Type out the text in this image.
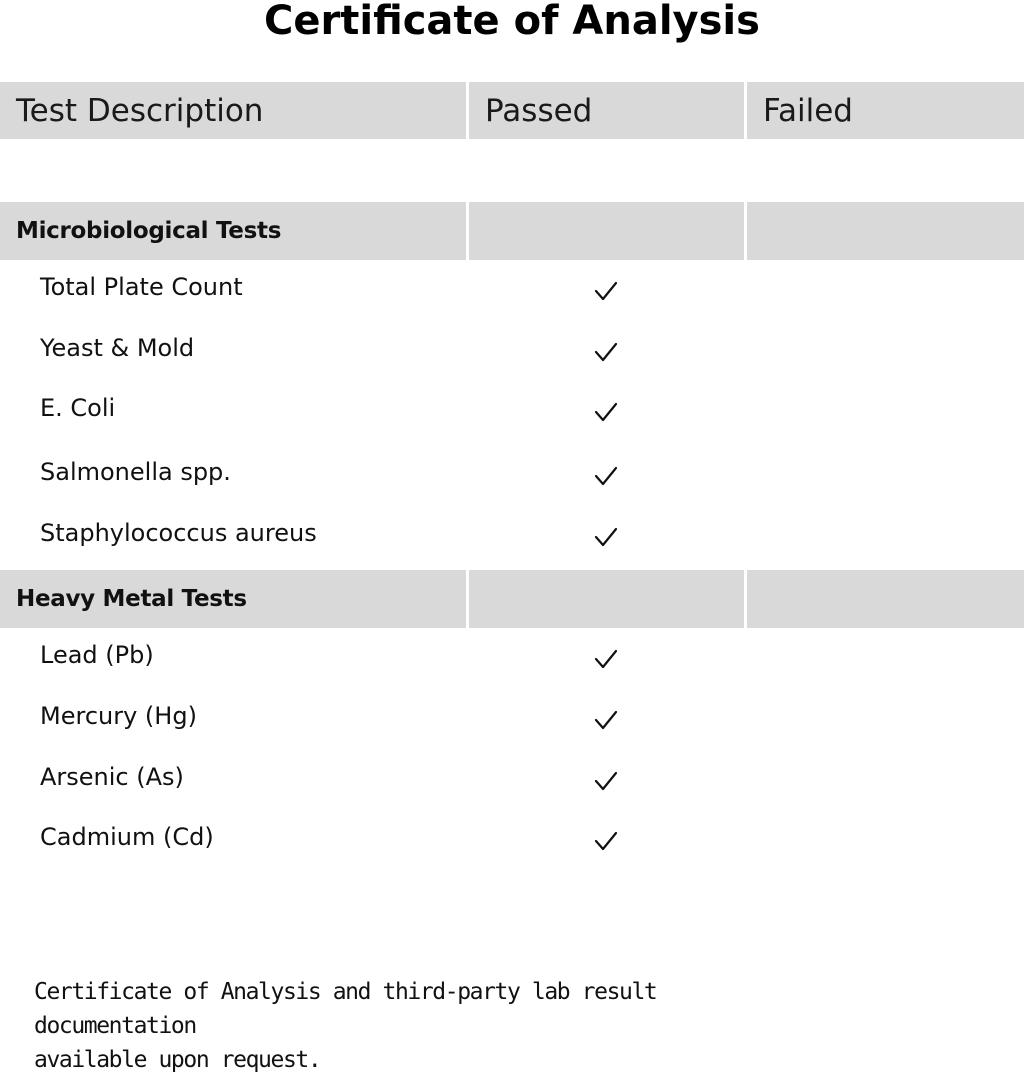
Certificate of Analysis
Test Description	Passed	Failed
Microbiological Tests
Total Plate Count
Yeast & Mold
E. Coli
Salmonella spp.
Staphylococcus aureus
Heavy Metal Tests
Lead (Pb)
Mercury (Hg)
Arsenic (As)
Cadmium (Cd)
Certificate of Analysis and third-party lab result documentation
available upon request.
